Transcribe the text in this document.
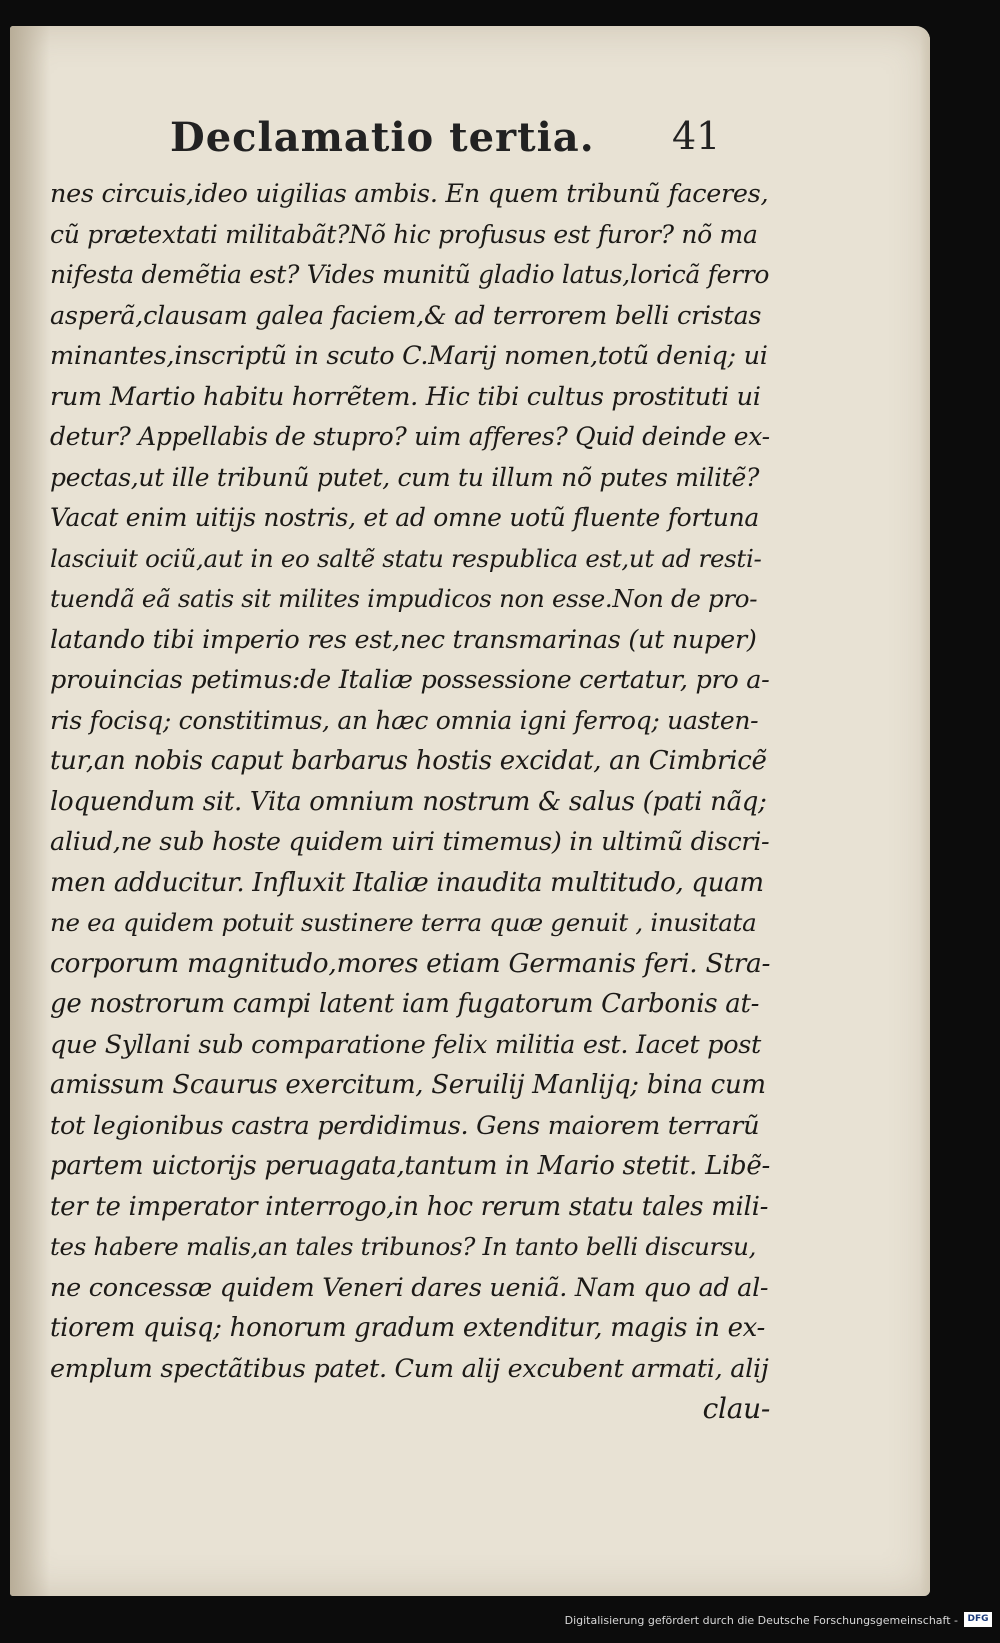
Declamatio tertia. 41
nes circuis,ideo uigilias ambis. En quem tribunũ faceres,
cũ prætextati militabãt?Nõ hic profusus est furor? nõ ma
nifesta demẽtia est? Vides munitũ gladio latus,loricã ferro
asperã,clausam galea faciem,& ad terrorem belli cristas
minantes,inscriptũ in scuto C.Marij nomen,totũ deniq; ui
rum Martio habitu horrẽtem. Hic tibi cultus prostituti ui
detur? Appellabis de stupro? uim afferes? Quid deinde ex-
pectas,ut ille tribunũ putet, cum tu illum nõ putes militẽ?
Vacat enim uitijs nostris, et ad omne uotũ fluente fortuna
lasciuit ociũ,aut in eo saltẽ statu respublica est,ut ad resti-
tuendã eã satis sit milites impudicos non esse.Non de pro-
latando tibi imperio res est,nec transmarinas (ut nuper)
prouincias petimus:de Italiæ possessione certatur, pro a-
ris focisq; constitimus, an hæc omnia igni ferroq; uasten-
tur,an nobis caput barbarus hostis excidat, an Cimbricẽ
loquendum sit. Vita omnium nostrum & salus (pati nãq;
aliud,ne sub hoste quidem uiri timemus) in ultimũ discri-
men adducitur. Influxit Italiæ inaudita multitudo, quam
ne ea quidem potuit sustinere terra quæ genuit , inusitata
corporum magnitudo,mores etiam Germanis feri. Stra-
ge nostrorum campi latent iam fugatorum Carbonis at-
que Syllani sub comparatione felix militia est. Iacet post
amissum Scaurus exercitum, Seruilij Manlijq; bina cum
tot legionibus castra perdidimus. Gens maiorem terrarũ
partem uictorijs peruagata,tantum in Mario stetit. Libẽ-
ter te imperator interrogo,in hoc rerum statu tales mili-
tes habere malis,an tales tribunos? In tanto belli discursu,
ne concessæ quidem Veneri dares ueniã. Nam quo ad al-
tiorem quisq; honorum gradum extenditur, magis in ex-
emplum spectãtibus patet. Cum alij excubent armati, alij
clau-
Digitalisierung gefördert durch die Deutsche Forschungsgemeinschaft -	DFG
